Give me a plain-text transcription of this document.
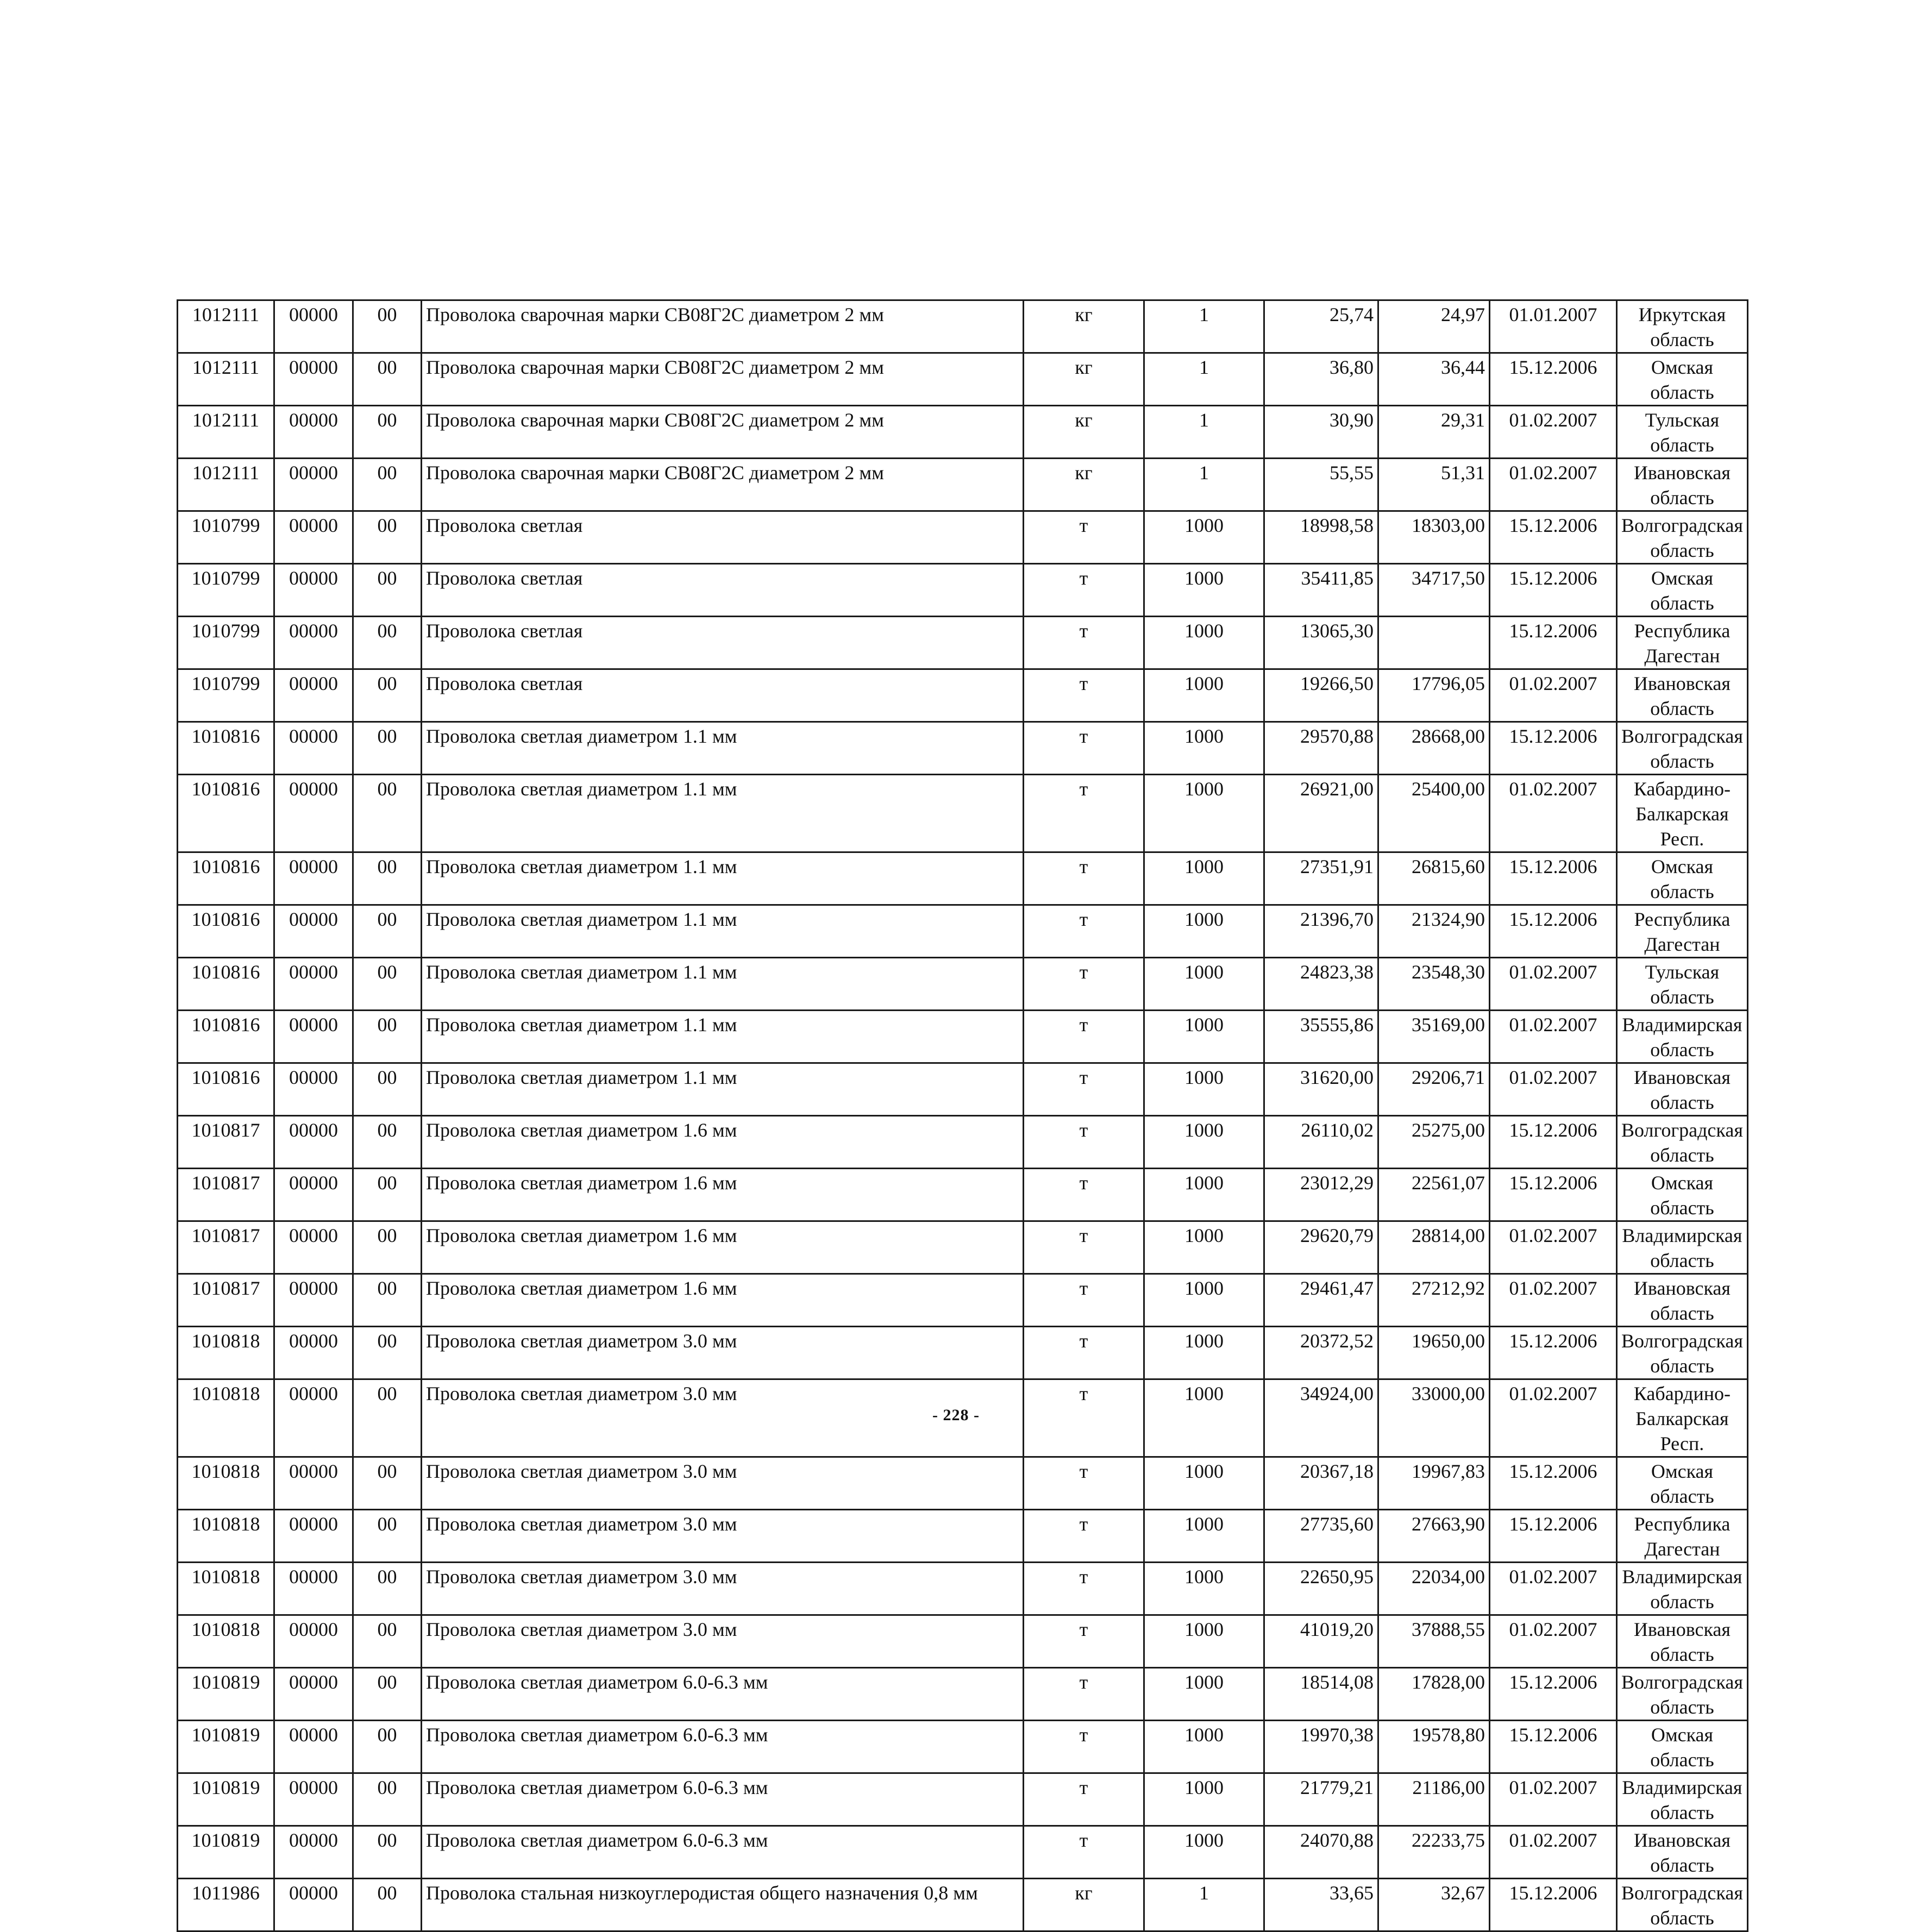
1012111	00000	00	Проволока сварочная марки СВ08Г2С диаметром 2 мм	кг	1	25,74	24,97	01.01.2007	Иркутская область
1012111	00000	00	Проволока сварочная марки СВ08Г2С диаметром 2 мм	кг	1	36,80	36,44	15.12.2006	Омская область
1012111	00000	00	Проволока сварочная марки СВ08Г2С диаметром 2 мм	кг	1	30,90	29,31	01.02.2007	Тульская область
1012111	00000	00	Проволока сварочная марки СВ08Г2С диаметром 2 мм	кг	1	55,55	51,31	01.02.2007	Ивановская область
1010799	00000	00	Проволока светлая	т	1000	18998,58	18303,00	15.12.2006	Волгоградская область
1010799	00000	00	Проволока светлая	т	1000	35411,85	34717,50	15.12.2006	Омская область
1010799	00000	00	Проволока светлая	т	1000	13065,30		15.12.2006	Республика Дагестан
1010799	00000	00	Проволока светлая	т	1000	19266,50	17796,05	01.02.2007	Ивановская область
1010816	00000	00	Проволока светлая диаметром 1.1 мм	т	1000	29570,88	28668,00	15.12.2006	Волгоградская область
1010816	00000	00	Проволока светлая диаметром 1.1 мм	т	1000	26921,00	25400,00	01.02.2007	Кабардино-Балкарская Респ.
1010816	00000	00	Проволока светлая диаметром 1.1 мм	т	1000	27351,91	26815,60	15.12.2006	Омская область
1010816	00000	00	Проволока светлая диаметром 1.1 мм	т	1000	21396,70	21324,90	15.12.2006	Республика Дагестан
1010816	00000	00	Проволока светлая диаметром 1.1 мм	т	1000	24823,38	23548,30	01.02.2007	Тульская область
1010816	00000	00	Проволока светлая диаметром 1.1 мм	т	1000	35555,86	35169,00	01.02.2007	Владимирская область
1010816	00000	00	Проволока светлая диаметром 1.1 мм	т	1000	31620,00	29206,71	01.02.2007	Ивановская область
1010817	00000	00	Проволока светлая диаметром 1.6 мм	т	1000	26110,02	25275,00	15.12.2006	Волгоградская область
1010817	00000	00	Проволока светлая диаметром 1.6 мм	т	1000	23012,29	22561,07	15.12.2006	Омская область
1010817	00000	00	Проволока светлая диаметром 1.6 мм	т	1000	29620,79	28814,00	01.02.2007	Владимирская область
1010817	00000	00	Проволока светлая диаметром 1.6 мм	т	1000	29461,47	27212,92	01.02.2007	Ивановская область
1010818	00000	00	Проволока светлая диаметром 3.0 мм	т	1000	20372,52	19650,00	15.12.2006	Волгоградская область
1010818	00000	00	Проволока светлая диаметром 3.0 мм	т	1000	34924,00	33000,00	01.02.2007	Кабардино-Балкарская Респ.
1010818	00000	00	Проволока светлая диаметром 3.0 мм	т	1000	20367,18	19967,83	15.12.2006	Омская область
1010818	00000	00	Проволока светлая диаметром 3.0 мм	т	1000	27735,60	27663,90	15.12.2006	Республика Дагестан
1010818	00000	00	Проволока светлая диаметром 3.0 мм	т	1000	22650,95	22034,00	01.02.2007	Владимирская область
1010818	00000	00	Проволока светлая диаметром 3.0 мм	т	1000	41019,20	37888,55	01.02.2007	Ивановская область
1010819	00000	00	Проволока светлая диаметром 6.0-6.3 мм	т	1000	18514,08	17828,00	15.12.2006	Волгоградская область
1010819	00000	00	Проволока светлая диаметром 6.0-6.3 мм	т	1000	19970,38	19578,80	15.12.2006	Омская область
1010819	00000	00	Проволока светлая диаметром 6.0-6.3 мм	т	1000	21779,21	21186,00	01.02.2007	Владимирская область
1010819	00000	00	Проволока светлая диаметром 6.0-6.3 мм	т	1000	24070,88	22233,75	01.02.2007	Ивановская область
1011986	00000	00	Проволока стальная низкоуглеродистая общего назначения 0,8 мм	кг	1	33,65	32,67	15.12.2006	Волгоградская область
- 228 -
